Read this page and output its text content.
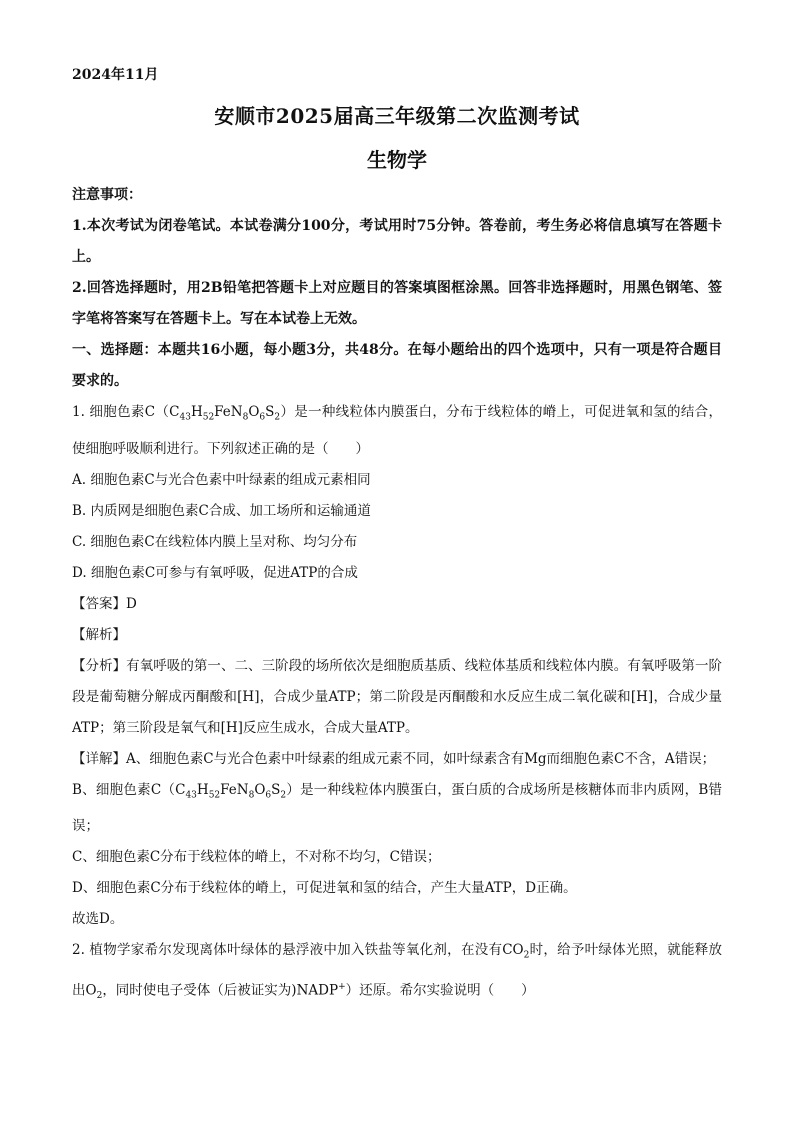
2024年11月
安顺市2025届高三年级第二次监测考试
生物学

注意事项：

1.本次考试为闭卷笔试。本试卷满分100分，考试用时75分钟。答卷前，考生务必将信息填写在答题卡上。

2.回答选择题时，用2B铅笔把答题卡上对应题目的答案填图框涂黑。回答非选择题时，用黑色钢笔、签字笔将答案写在答题卡上。写在本试卷上无效。

一、选择题：本题共16小题，每小题3分，共48分。在每小题给出的四个选项中，只有一项是符合题目要求的。

1. 细胞色素$C(C_{43}H_{52}FeN_8O_6S_2)$是一种线粒体内膜蛋白，分布于线粒体的嵴上，可促进氧和氢的结合，使细胞呼吸顺利进行。下列叙述正确的是（　　）

A. 细胞色素C与光合色素中叶绿素的组成元素相同

B. 内质网是细胞色素C合成、加工场所和运输通道

C. 细胞色素C在线粒体内膜上呈对称、均匀分布

D. 细胞色素C可参与有氧呼吸，促进ATP的合成

【答案】D

【解析】

【分析】有氧呼吸的第一、二、三阶段的场所依次是细胞质基质、线粒体基质和线粒体内膜。有氧呼吸第一阶段是葡萄糖分解成丙酮酸和[H]，合成少量ATP；第二阶段是丙酮酸和水反应生成二氧化碳和[H]，合成少量ATP；第三阶段是氧气和[H]反应生成水，合成大量ATP。

【详解】A、细胞色素C与光合色素中叶绿素的组成元素不同，如叶绿素含有Mg而细胞色素C不含，A错误；

B、细胞色素$C(C_{43}H_{52}FeN_8O_6S_2)$是一种线粒体内膜蛋白，蛋白质的合成场所是核糖体而非内质网，B错误；

C、细胞色素C分布于线粒体的嵴上，不对称不均匀，C错误；

D、细胞色素C分布于线粒体的嵴上，可促进氧和氢的结合，产生大量ATP，D正确。

故选D。

2. 植物学家希尔发现离体叶绿体的悬浮液中加入铁盐等氧化剂，在没有$CO_2$时，给予叶绿体光照，就能释放出$O_2$，同时使电子受体（后被证实为)NADP+）还原。希尔实验说明（　　）
